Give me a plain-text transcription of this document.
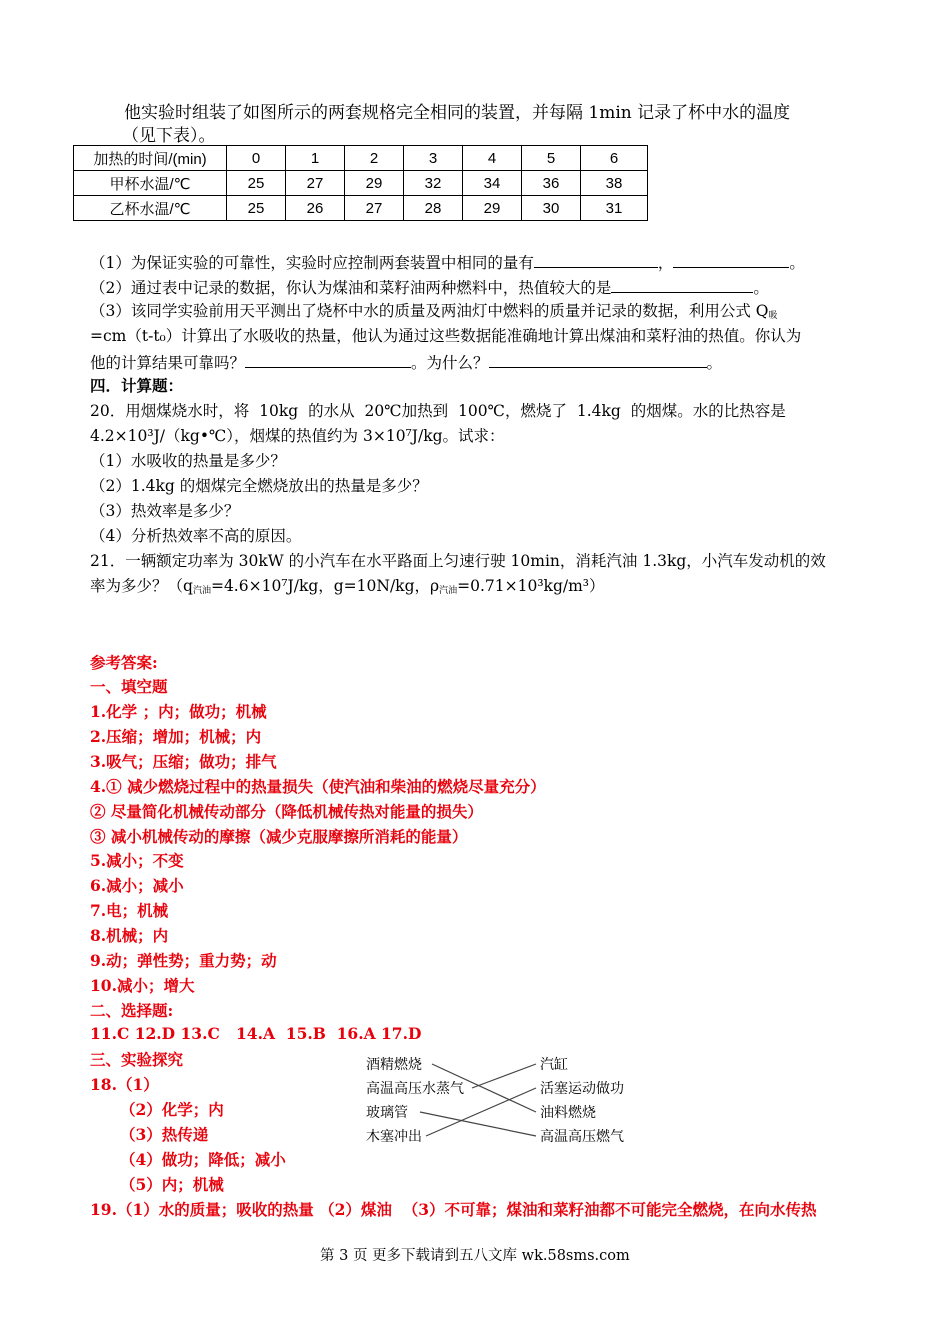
他实验时组装了如图所示的两套规格完全相同的装置，并每隔 1min 记录了杯中水的温度
（见下表）。
加热的时间/(min)	0	1	2	3	4	5	6
甲杯水温/℃	25	27	29	32	34	36	38
乙杯水温/℃	25	26	27	28	29	30	31
（1）为保证实验的可靠性，实验时应控制两套装置中相同的量有	，	。
（2）通过表中记录的数据，你认为煤油和菜籽油两种燃料中，热值较大的是	。
（3）该同学实验前用天平测出了烧杯中水的质量及两油灯中燃料的质量并记录的数据，利用公式 $Q_吸$
=cm（t-t₀）计算出了水吸收的热量，他认为通过这些数据能准确地计算出煤油和菜籽油的热值。你认为
他的计算结果可靠吗？	。为什么？	。
四．计算题：
20．用烟煤烧水时，将 10kg 的水从 20℃加热到 100℃，燃烧了 1.4kg 的烟煤。水的比热容是
4.2×10³J/（kg•℃），烟煤的热值约为 3×10⁷J/kg。试求：
（1）水吸收的热量是多少？
（2）1.4kg 的烟煤完全燃烧放出的热量是多少？
（3）热效率是多少？
（4）分析热效率不高的原因。
21．一辆额定功率为 30kW 的小汽车在水平路面上匀速行驶 10min，消耗汽油 1.3kg，小汽车发动机的效
率为多少？（$q_{汽油}=4.6\times 10^7J/kg$，g=10N/kg，$\rho_{汽油}=0.71\times 10^3kg/m^3$）
参考答案:
一、填空题
1.化学 ；内；做功；机械
2.压缩；增加；机械；内
3.吸气；压缩；做功；排气
4.① 减少燃烧过程中的热量损失（使汽油和柴油的燃烧尽量充分）
② 尽量简化机械传动部分（降低机械传热对能量的损失）
③ 减小机械传动的摩擦（减少克服摩擦所消耗的能量）
5.减小；不变
6.减小；减小
7.电；机械
8.机械；内
9.动；弹性势；重力势；动
10.减小；增大
二、选择题:
11.C 12.D 13.C   14.A  15.B  16.A 17.D
三、实验探究
18.（1）
（2）化学；内
（3）热传递
（4）做功；降低；减小
（5）内；机械
19.（1）水的质量；吸收的热量 （2）煤油  （3）不可靠；煤油和菜籽油都不可能完全燃烧，在向水传热
酒精燃烧
高温高压水蒸气
玻璃管
木塞冲出
汽缸
活塞运动做功
油料燃烧
高温高压燃气
第 3 页 更多下载请到五八文库 wk.58sms.com
